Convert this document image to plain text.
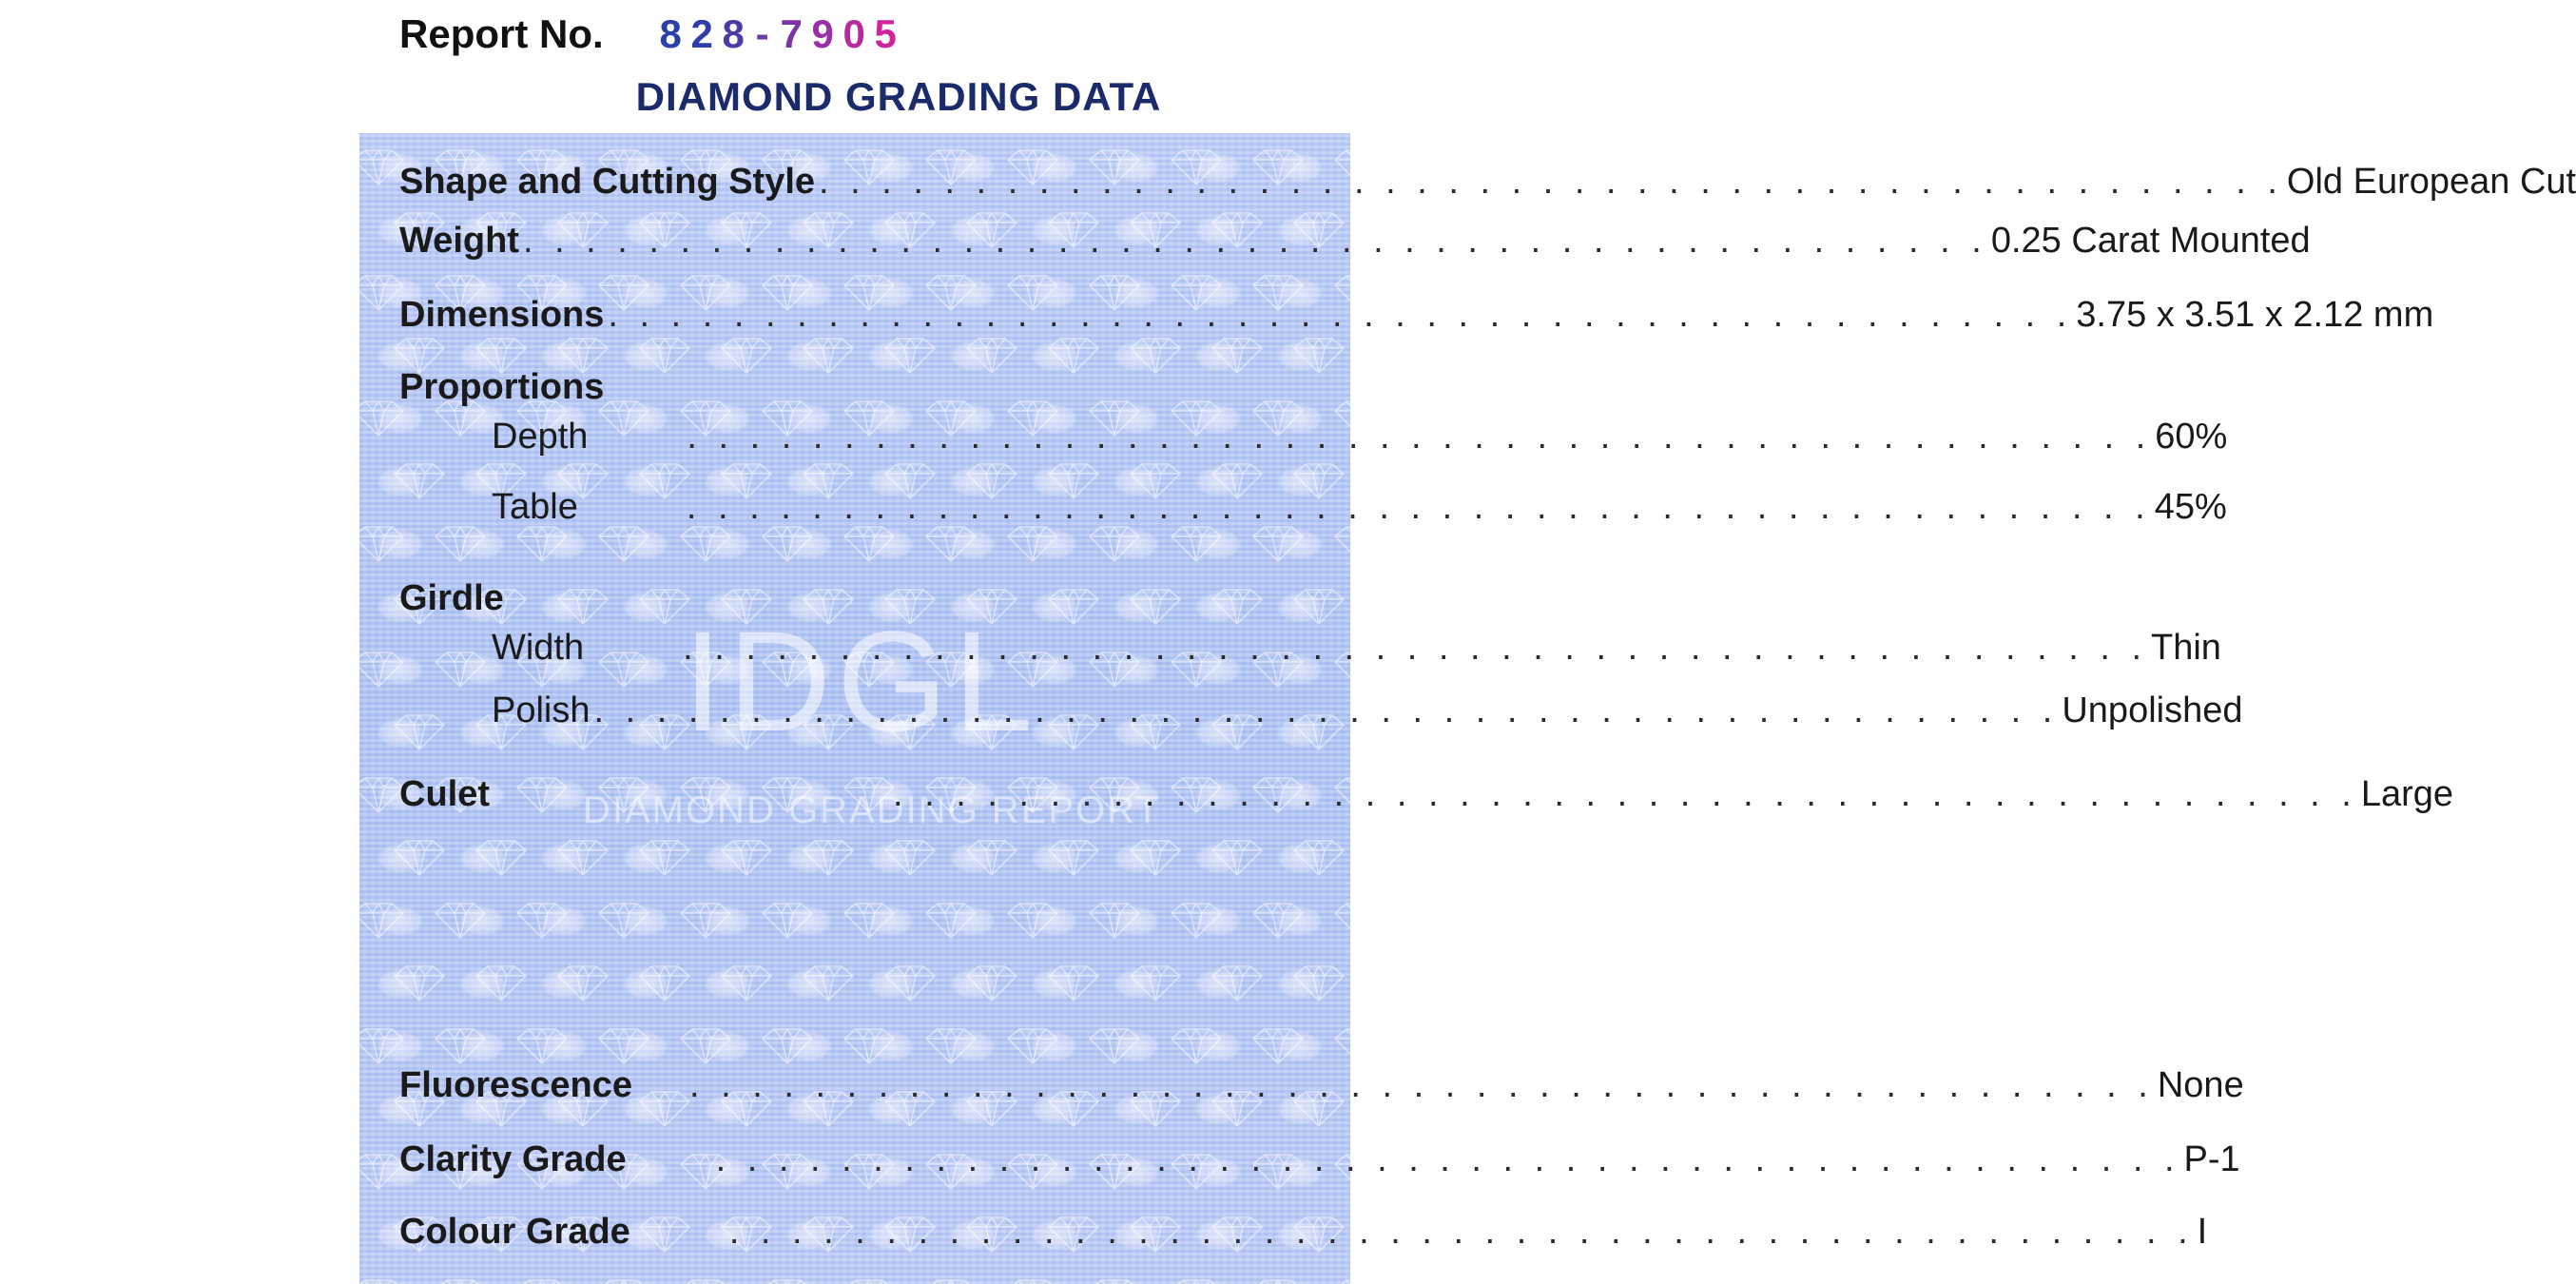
Report No. 8 2 8 - 7 9 0 5
DIAMOND GRADING DATA
IDGL
DIAMOND GRADING REPORT
Shape and Cutting Style . . . . . . . . . . . . . . . . . . . . . . . . . . . . . . . . . . . . . . . . . . . . . . . Old European Cut
Weight . . . . . . . . . . . . . . . . . . . . . . . . . . . . . . . . . . . . . . . . . . . . . . . 0.25 Carat Mounted
Dimensions . . . . . . . . . . . . . . . . . . . . . . . . . . . . . . . . . . . . . . . . . . . . . . . 3.75 x 3.51 x 2.12 mm
Proportions
Depth	. . . . . . . . . . . . . . . . . . . . . . . . . . . . . . . . . . . . . . . . . . . . . . . 60%
Table	. . . . . . . . . . . . . . . . . . . . . . . . . . . . . . . . . . . . . . . . . . . . . . . 45%
Girdle
Width	. . . . . . . . . . . . . . . . . . . . . . . . . . . . . . . . . . . . . . . . . . . . . . . Thin
Polish . . . . . . . . . . . . . . . . . . . . . . . . . . . . . . . . . . . . . . . . . . . . . . . Unpolished
Culet	. . . . . . . . . . . . . . . . . . . . . . . . . . . . . . . . . . . . . . . . . . . . . . . Large
Fluorescence	. . . . . . . . . . . . . . . . . . . . . . . . . . . . . . . . . . . . . . . . . . . . . . . None
Clarity Grade	. . . . . . . . . . . . . . . . . . . . . . . . . . . . . . . . . . . . . . . . . . . . . . . P-1
Colour Grade	. . . . . . . . . . . . . . . . . . . . . . . . . . . . . . . . . . . . . . . . . . . . . . . I
